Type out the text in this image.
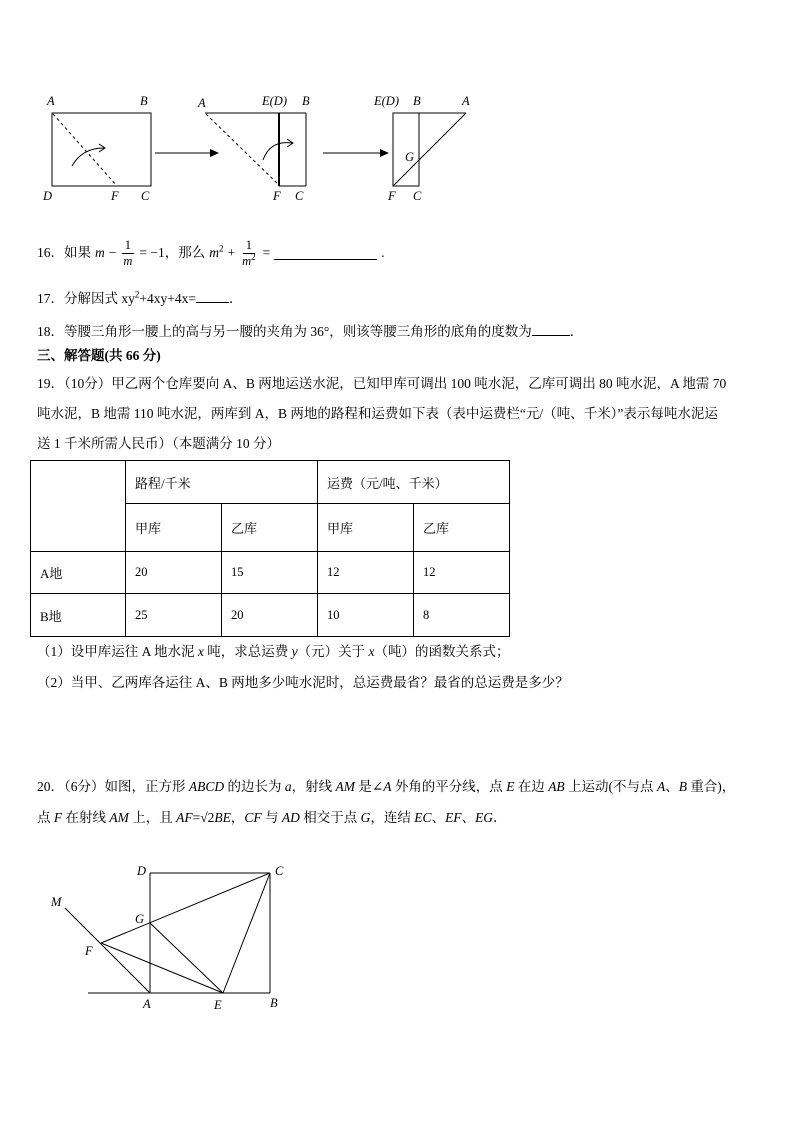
A	B
D	F C
A	E(D) B
F C
E(D) B	A
G
F C
16．如果 $m - \frac{1}{m} = -1$ ，那么 $m^2 + \frac{1}{m^2}$ =	.
17．分解因式 $xy^2+4xy+4x=$ ．
18．等腰三角形一腰上的高与另一腰的夹角为 36°，则该等腰三角形的底角的度数为	．
三、解答题(共 66 分)
19．（10分）甲乙两个仓库要向 A、B 两地运送水泥，已知甲库可调出 100 吨水泥，乙库可调出 80 吨水泥，A 地需 70
吨水泥，B 地需 110 吨水泥，两库到 A，B 两地的路程和运费如下表（表中运费栏“元/（吨、千米）”表示每吨水泥运
送 1 千米所需人民币）（本题满分 10 分）
	路程/千米		运费（元/吨、千米）	
	甲库	乙库	甲库	乙库
A地	20	15	12	12
B地	25	20	10	8
（1）设甲库运往 A 地水泥 x 吨，求总运费 y（元）关于 x（吨）的函数关系式；
（2）当甲、乙两库各运往 A、B 两地多少吨水泥时，总运费最省？最省的总运费是多少？
20．（6分）如图，正方形 ABCD 的边长为 a，射线 AM 是∠A 外角的平分线，点 E 在边 AB 上运动(不与点 A、B 重合)，
点 F 在射线 AM 上，且 AF=√2BE，CF 与 AD 相交于点 G，连结 EC、EF、EG．
D	C
M
G
F
A	E	B
